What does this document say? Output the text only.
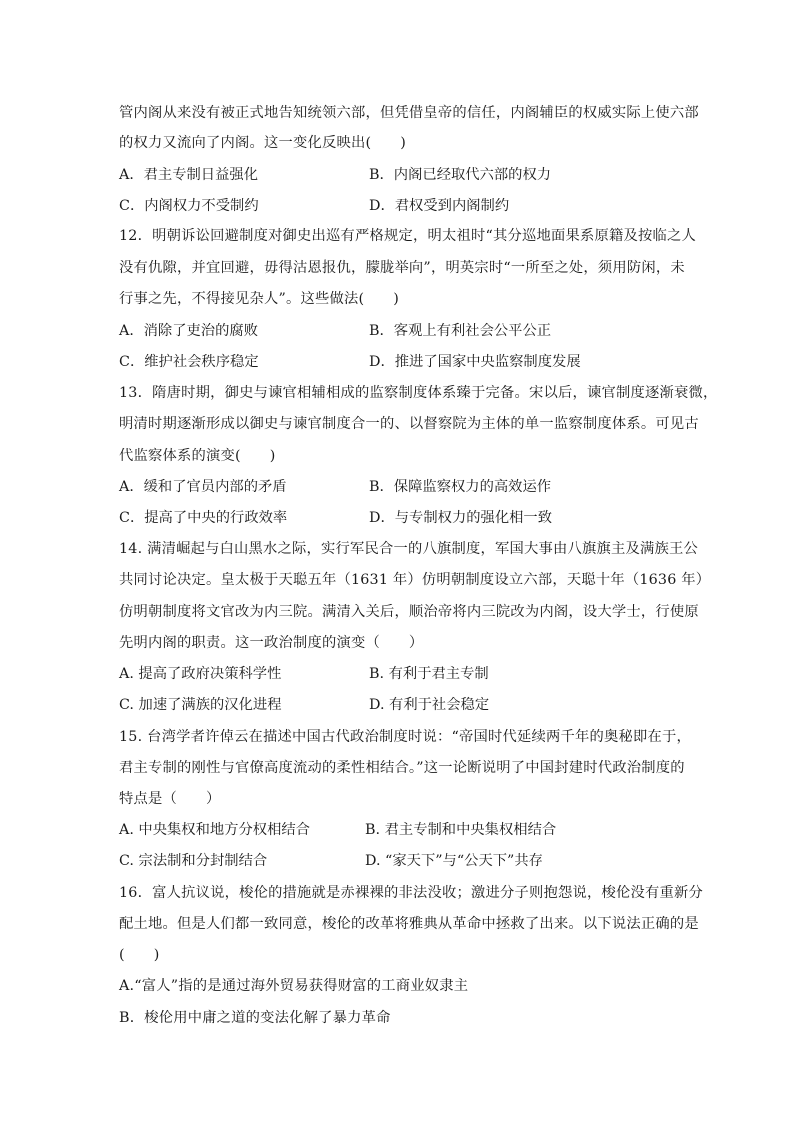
管内阁从来没有被正式地告知统领六部，但凭借皇帝的信任，内阁辅臣的权威实际上使六部
的权力又流向了内阁。这一变化反映出(　　)
A．君主专制日益强化	B．内阁已经取代六部的权力
C．内阁权力不受制约	D．君权受到内阁制约
12．明朝诉讼回避制度对御史出巡有严格规定，明太祖时“其分巡地面果系原籍及按临之人
没有仇隙，并宜回避，毋得沽恩报仇，朦胧举向”，明英宗时“一所至之处，须用防闲，未
行事之先，不得接见杂人”。这些做法(　　)
A．消除了吏治的腐败	B．客观上有利社会公平公正
C．维护社会秩序稳定	D．推进了国家中央监察制度发展
13．隋唐时期，御史与谏官相辅相成的监察制度体系臻于完备。宋以后，谏官制度逐渐衰微，
明清时期逐渐形成以御史与谏官制度合一的、以督察院为主体的单一监察制度体系。可见古
代监察体系的演变(　　)
A．缓和了官员内部的矛盾	B．保障监察权力的高效运作
C．提高了中央的行政效率	D．与专制权力的强化相一致
14. 满清崛起与白山黑水之际，实行军民合一的八旗制度，军国大事由八旗旗主及满族王公
共同讨论决定。皇太极于天聪五年（1631 年）仿明朝制度设立六部，天聪十年（1636 年）
仿明朝制度将文官改为内三院。满清入关后，顺治帝将内三院改为内阁，设大学士，行使原
先明内阁的职责。这一政治制度的演变（　　）
A. 提高了政府决策科学性	B. 有利于君主专制
C. 加速了满族的汉化进程	D. 有利于社会稳定
15. 台湾学者许倬云在描述中国古代政治制度时说：“帝国时代延续两千年的奥秘即在于，
君主专制的刚性与官僚高度流动的柔性相结合。”这一论断说明了中国封建时代政治制度的
特点是（　　）
A. 中央集权和地方分权相结合	B. 君主专制和中央集权相结合
C. 宗法制和分封制结合	D. “家天下”与“公天下”共存
16．富人抗议说，梭伦的措施就是赤裸裸的非法没收；激进分子则抱怨说，梭伦没有重新分
配土地。但是人们都一致同意，梭伦的改革将雅典从革命中拯救了出来。以下说法正确的是
(　　)
A.“富人”指的是通过海外贸易获得财富的工商业奴隶主
B．梭伦用中庸之道的变法化解了暴力革命
